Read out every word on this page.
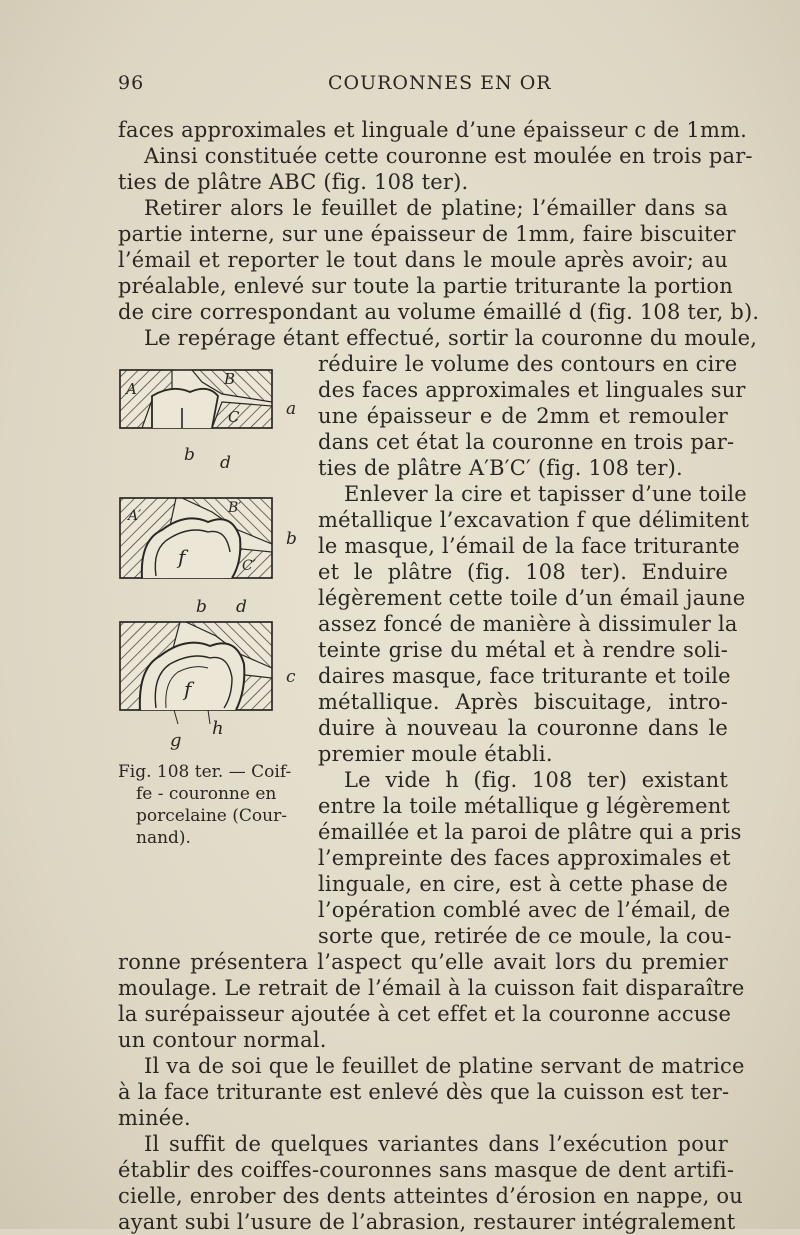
96	COURONNES EN OR
faces approximales et linguale d’une épaisseur c de 1mm.
Ainsi constituée cette couronne est moulée en trois par-
ties de plâtre ABC (fig. 108 ter).
Retirer alors le feuillet de platine; l’émailler dans sa
partie interne, sur une épaisseur de 1mm, faire biscuiter
l’émail et reporter le tout dans le moule après avoir; au
préalable, enlevé sur toute la partie triturante la portion
de cire correspondant au volume émaillé d (fig. 108 ter, b).
Le repérage étant effectué, sortir la couronne du moule,
réduire le volume des contours en cire
des faces approximales et linguales sur
une épaisseur e de 2mm et remouler
dans cet état la couronne en trois par-
ties de plâtre A′B′C′ (fig. 108 ter).
Enlever la cire et tapisser d’une toile
métallique l’excavation f que délimitent
le masque, l’émail de la face triturante
et le plâtre (fig. 108 ter). Enduire
légèrement cette toile d’un émail jaune
assez foncé de manière à dissimuler la
teinte grise du métal et à rendre soli-
daires masque, face triturante et toile
métallique. Après biscuitage, intro-
duire à nouveau la couronne dans le
premier moule établi.
Le vide h (fig. 108 ter) existant
entre la toile métallique g légèrement
émaillée et la paroi de plâtre qui a pris
l’empreinte des faces approximales et
linguale, en cire, est à cette phase de
l’opération comblé avec de l’émail, de
sorte que, retirée de ce moule, la cou-
ronne présentera l’aspect qu’elle avait lors du premier
moulage. Le retrait de l’émail à la cuisson fait disparaître
la surépaisseur ajoutée à cet effet et la couronne accuse
un contour normal.
Il va de soi que le feuillet de platine servant de matrice
à la face triturante est enlevé dès que la cuisson est ter-
minée.
Il suffit de quelques variantes dans l’exécution pour
établir des coiffes-couronnes sans masque de dent artifi-
cielle, enrober des dents atteintes d’érosion en nappe, ou
ayant subi l’usure de l’abrasion, restaurer intégralement
A
B
C	a
b d
A′	B′
C′
f
b
b d
f	c
g
h
Fig. 108 ter. — Coif-
fe - couronne en
porcelaine (Cour-
nand).
